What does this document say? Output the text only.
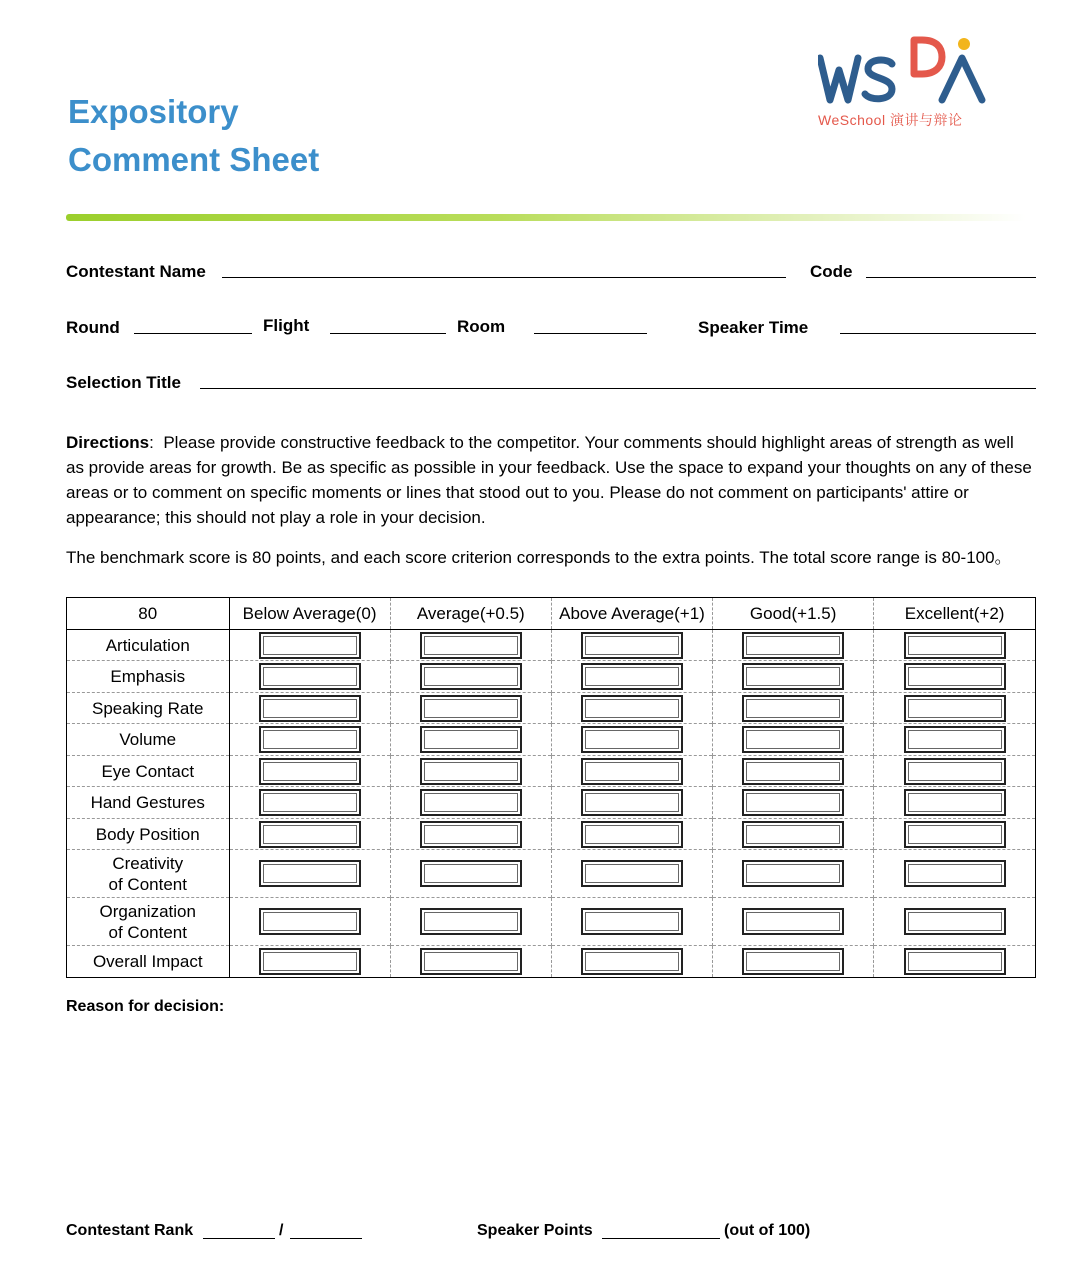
Expository
Comment Sheet
WeSchool 演讲与辩论
Contestant Name	Code
Round	Flight	Room	Speaker Time
Selection Title
Directions: Please provide constructive feedback to the competitor. Your comments should highlight areas of strength as well as provide areas for growth. Be as specific as possible in your feedback. Use the space to expand your thoughts on any of these areas or to comment on specific moments or lines that stood out to you. Please do not comment on participants' attire or appearance; this should not play a role in your decision.
The benchmark score is 80 points, and each score criterion corresponds to the extra points. The total score range is 80-100。
80	Below Average(0)	Average(+0.5)	Above Average(+1)	Good(+1.5)	Excellent(+2)

Articulation					

Emphasis					

Speaking Rate					

Volume					

Eye Contact					

Hand Gestures					

Body Position					

Creativity
of Content					

Organization
of Content					

Overall Impact					

Reason for decision:
Contestant Rank	/	Speaker Points	(out of 100)
